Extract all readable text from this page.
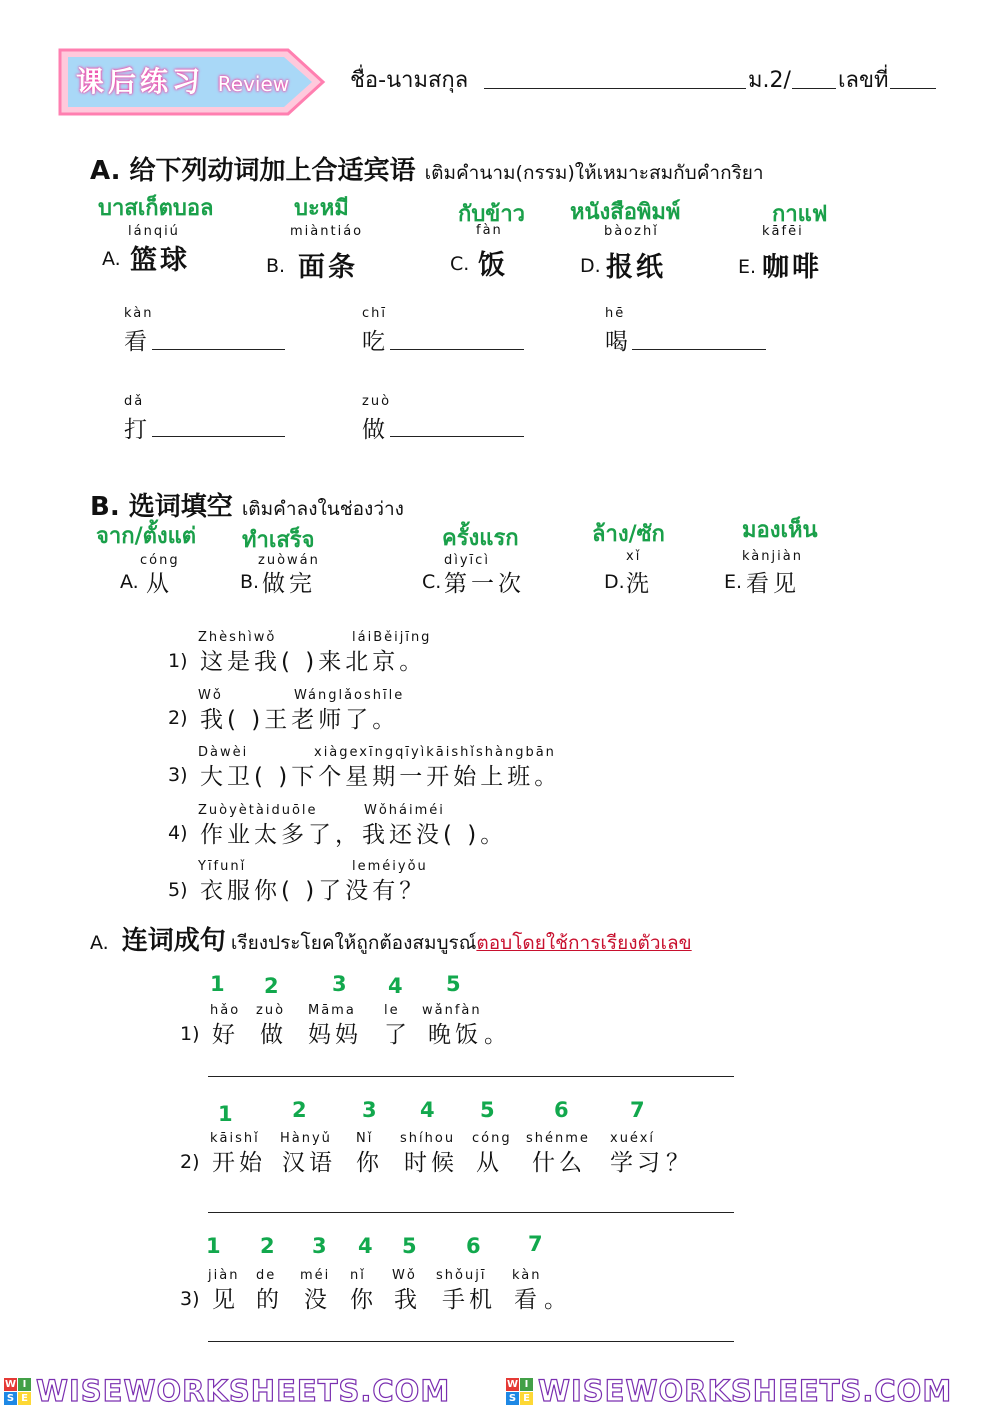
课后练习 Review	ชื่อ-นามสกุล	ม.2/ เลขที่
A. 给下列动词加上合适宾语 เติมคำนาม(กรรม)ให้เหมาะสมกับคำกริยา
บาสเก็ตบอล
lánqiú
A. 篮球
บะหมี
miàntiáo
B. 面条
กับข้าว
fàn
C. 饭
หนังสือพิมพ์
bàozhǐ
D. 报纸
กาแฟ
kāfēi
E. 咖啡
kàn
看
chī
吃
hē
喝
dǎ
打
zuò
做
B. 选词填空 เติมคำลงในช่องว่าง
จาก/ตั้งแต่
cóng
A. 从
ทำเสร็จ
zuòwán
B. 做完
ครั้งแรก
dìyīcì
C. 第一次
ล้าง/ซัก
xǐ
D. 洗
มองเห็น
kànjiàn
E. 看见
Zhèshìwǒ	láiBěijīng
1) 这是我( )来北京。
Wǒ	Wánglǎoshīle
2) 我( )王老师了。
Dàwèi	xiàgexīngqīyìkāishǐshàngbān
3) 大卫( )下个星期一开始上班。
Zuòyètàiduōle	Wǒháiméi
4) 作业太多了，我还没( )。
Yīfunǐ	leméiyǒu
5) 衣服你( )了没有？
A. 连词成句 เรียงประโยคให้ถูกต้องสมบูรณ์ตอบโดยใช้การเรียงตัวเลข
1 2	3 4 5
hǎo zuò Māma le wǎnfàn
1) 好 做 妈妈 了 晚饭 。
1	2	3 4 5	6	7
kāishǐ Hànyǔ Nǐ shíhou cóng shénme xuéxí
2) 开始 汉语 你 时候 从 什么 学习 ？
1 2 3 4 5 6 7
jiàn de méi nǐ Wǒ shǒujī kàn
3) 见 的 没 你 我 手机 看 。
W I
S E WISEWORKSHEETS.COM	W I
S E WISEWORKSHEETS.COM
